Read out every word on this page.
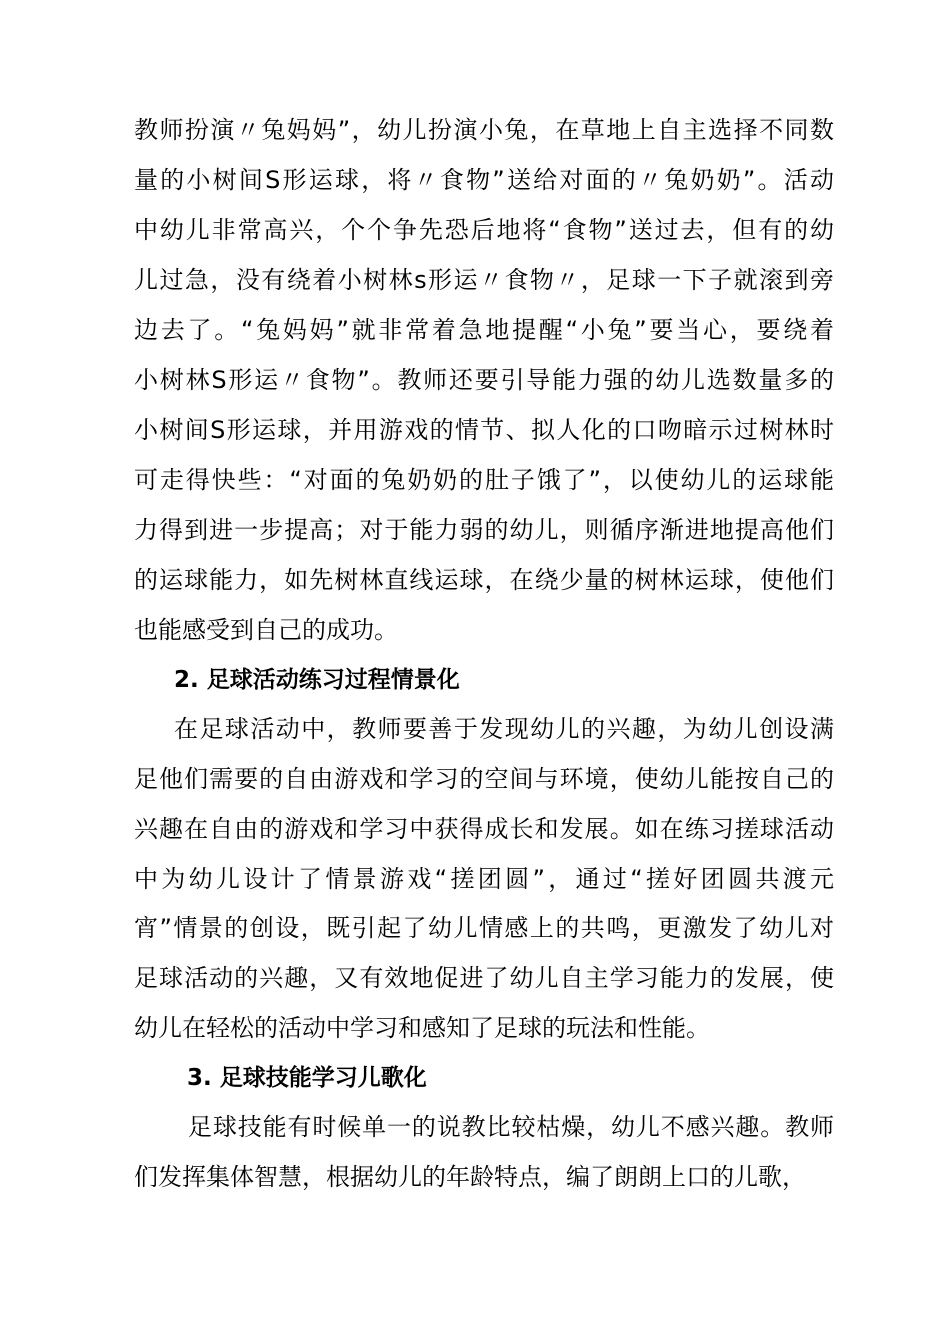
教师扮演〃兔妈妈”，幼儿扮演小兔，在草地上自主选择不同数
量的小树间S形运球，将〃食物”送给对面的〃兔奶奶”。活动
中幼儿非常高兴，个个争先恐后地将“食物”送过去，但有的幼
儿过急，没有绕着小树林s形运〃食物〃，足球一下子就滚到旁
边去了。“兔妈妈”就非常着急地提醒“小兔”要当心，要绕着
小树林S形运〃食物”。教师还要引导能力强的幼儿选数量多的
小树间S形运球，并用游戏的情节、拟人化的口吻暗示过树林时
可走得快些：“对面的兔奶奶的肚子饿了”，以使幼儿的运球能
力得到进一步提高；对于能力弱的幼儿，则循序渐进地提高他们
的运球能力，如先树林直线运球，在绕少量的树林运球，使他们
也能感受到自己的成功。
2. 足球活动练习过程情景化
在足球活动中，教师要善于发现幼儿的兴趣，为幼儿创设满
足他们需要的自由游戏和学习的空间与环境，使幼儿能按自己的
兴趣在自由的游戏和学习中获得成长和发展。如在练习搓球活动
中为幼儿设计了情景游戏“搓团圆”，通过“搓好团圆共渡元
宵”情景的创设，既引起了幼儿情感上的共鸣，更激发了幼儿对
足球活动的兴趣，又有效地促进了幼儿自主学习能力的发展，使
幼儿在轻松的活动中学习和感知了足球的玩法和性能。
3. 足球技能学习儿歌化
足球技能有时候单一的说教比较枯燥，幼儿不感兴趣。教师
们发挥集体智慧，根据幼儿的年龄特点，编了朗朗上口的儿歌，
